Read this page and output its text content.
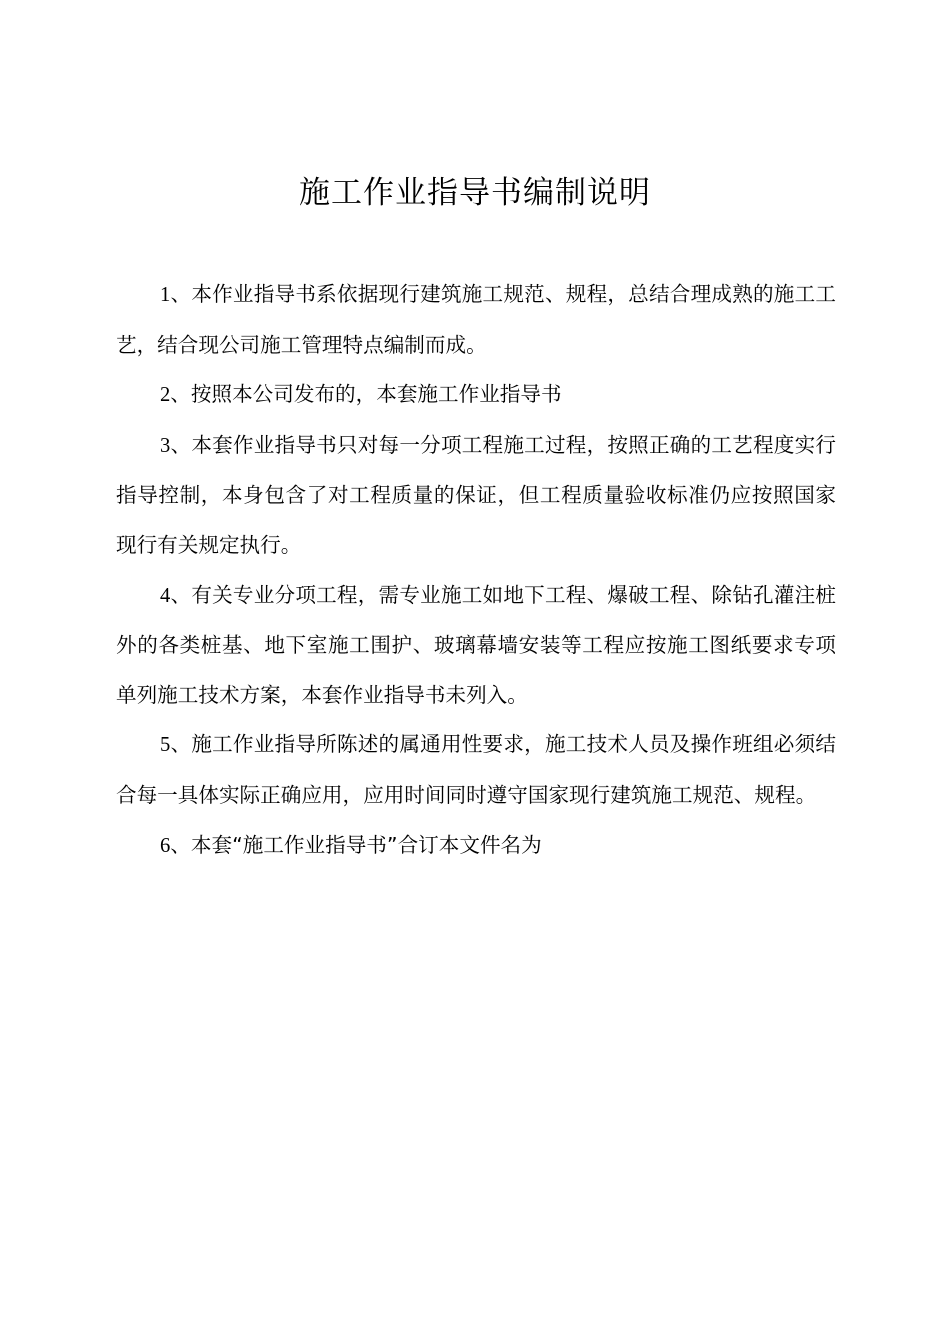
施工作业指导书编制说明

1、本作业指导书系依据现行建筑施工规范、规程，总结合理成熟的施工工艺，结合现公司施工管理特点编制而成。

2、按照本公司发布的，本套施工作业指导书

3、本套作业指导书只对每一分项工程施工过程，按照正确的工艺程度实行指导控制，本身包含了对工程质量的保证，但工程质量验收标准仍应按照国家现行有关规定执行。

4、有关专业分项工程，需专业施工如地下工程、爆破工程、除钻孔灌注桩外的各类桩基、地下室施工围护、玻璃幕墙安装等工程应按施工图纸要求专项单列施工技术方案，本套作业指导书未列入。

5、施工作业指导所陈述的属通用性要求，施工技术人员及操作班组必须结合每一具体实际正确应用，应用时间同时遵守国家现行建筑施工规范、规程。

6、本套“施工作业指导书”合订本文件名为
